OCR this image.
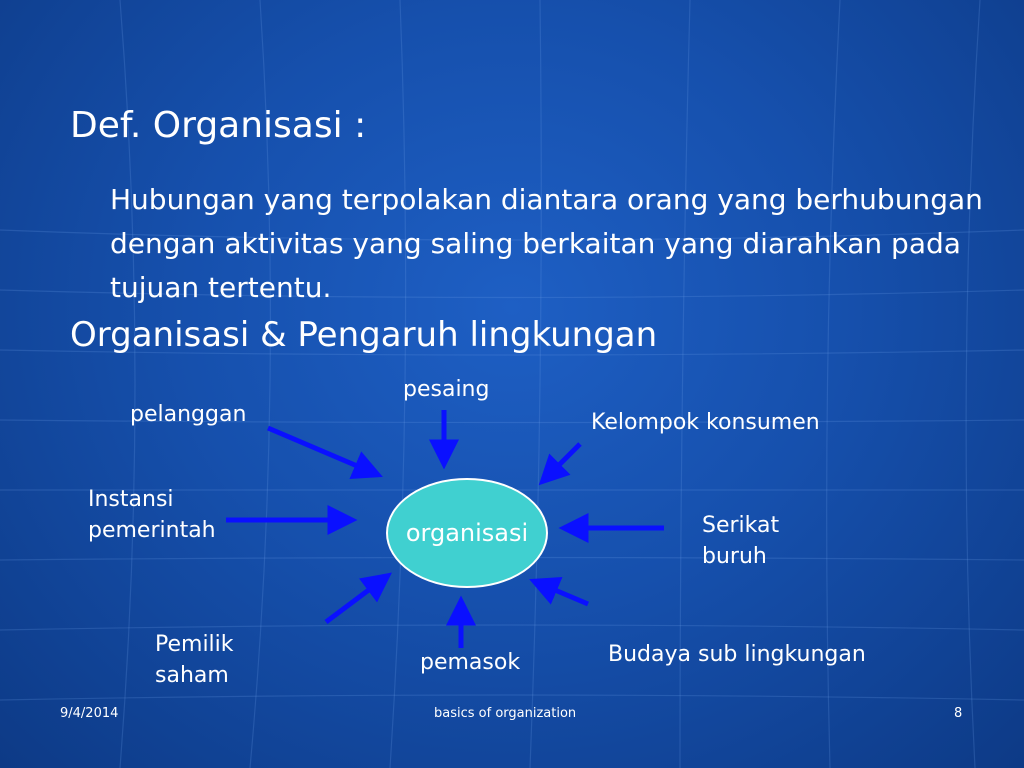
Def. Organisasi :
Hubungan yang terpolakan diantara orang yang berhubungan dengan aktivitas yang saling berkaitan yang diarahkan pada tujuan tertentu.
Organisasi & Pengaruh lingkungan
organisasi
pesaing
pelanggan	Kelompok konsumen
Instansi pemerintah	Serikat buruh
Pemilik saham
pemasok	Budaya sub lingkungan
9/4/2014	basics of organization	8
